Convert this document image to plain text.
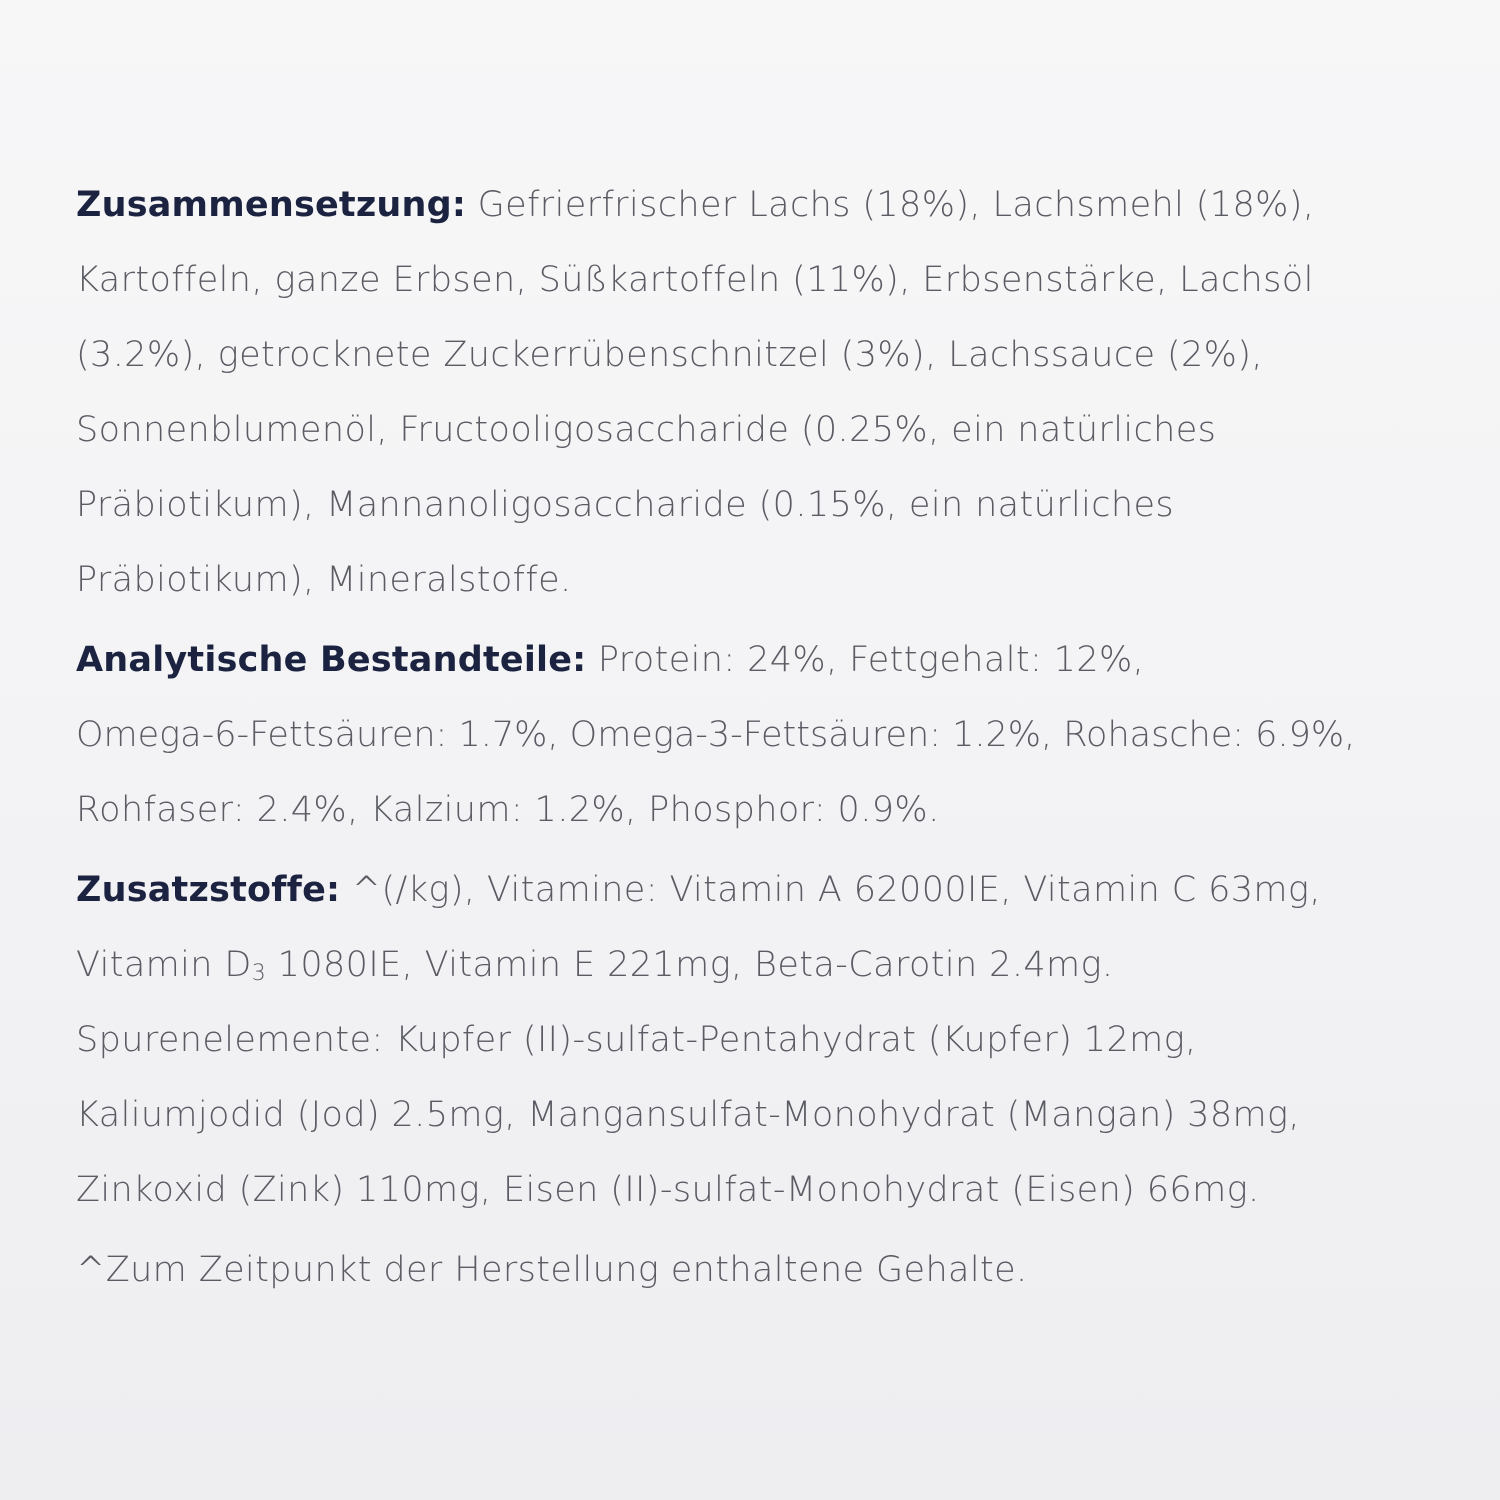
Zusammensetzung: Gefrierfrischer Lachs (18%), Lachsmehl (18%),
Kartoffeln, ganze Erbsen, Süßkartoffeln (11%), Erbsenstärke, Lachsöl
(3.2%), getrocknete Zuckerrübenschnitzel (3%), Lachssauce (2%),
Sonnenblumenöl, Fructooligosaccharide (0.25%, ein natürliches
Präbiotikum), Mannanoligosaccharide (0.15%, ein natürliches
Präbiotikum), Mineralstoffe.
Analytische Bestandteile: Protein: 24%, Fettgehalt: 12%,
Omega-6-Fettsäuren: 1.7%, Omega-3-Fettsäuren: 1.2%, Rohasche: 6.9%,
Rohfaser: 2.4%, Kalzium: 1.2%, Phosphor: 0.9%.
Zusatzstoffe: ^(/kg), Vitamine: Vitamin A 62000IE, Vitamin C 63mg,
Vitamin D3 1080IE, Vitamin E 221mg, Beta-Carotin 2.4mg.
Spurenelemente: Kupfer (II)-sulfat-Pentahydrat (Kupfer) 12mg,
Kaliumjodid (Jod) 2.5mg, Mangansulfat-Monohydrat (Mangan) 38mg,
Zinkoxid (Zink) 110mg, Eisen (II)-sulfat-Monohydrat (Eisen) 66mg.
^Zum Zeitpunkt der Herstellung enthaltene Gehalte.
